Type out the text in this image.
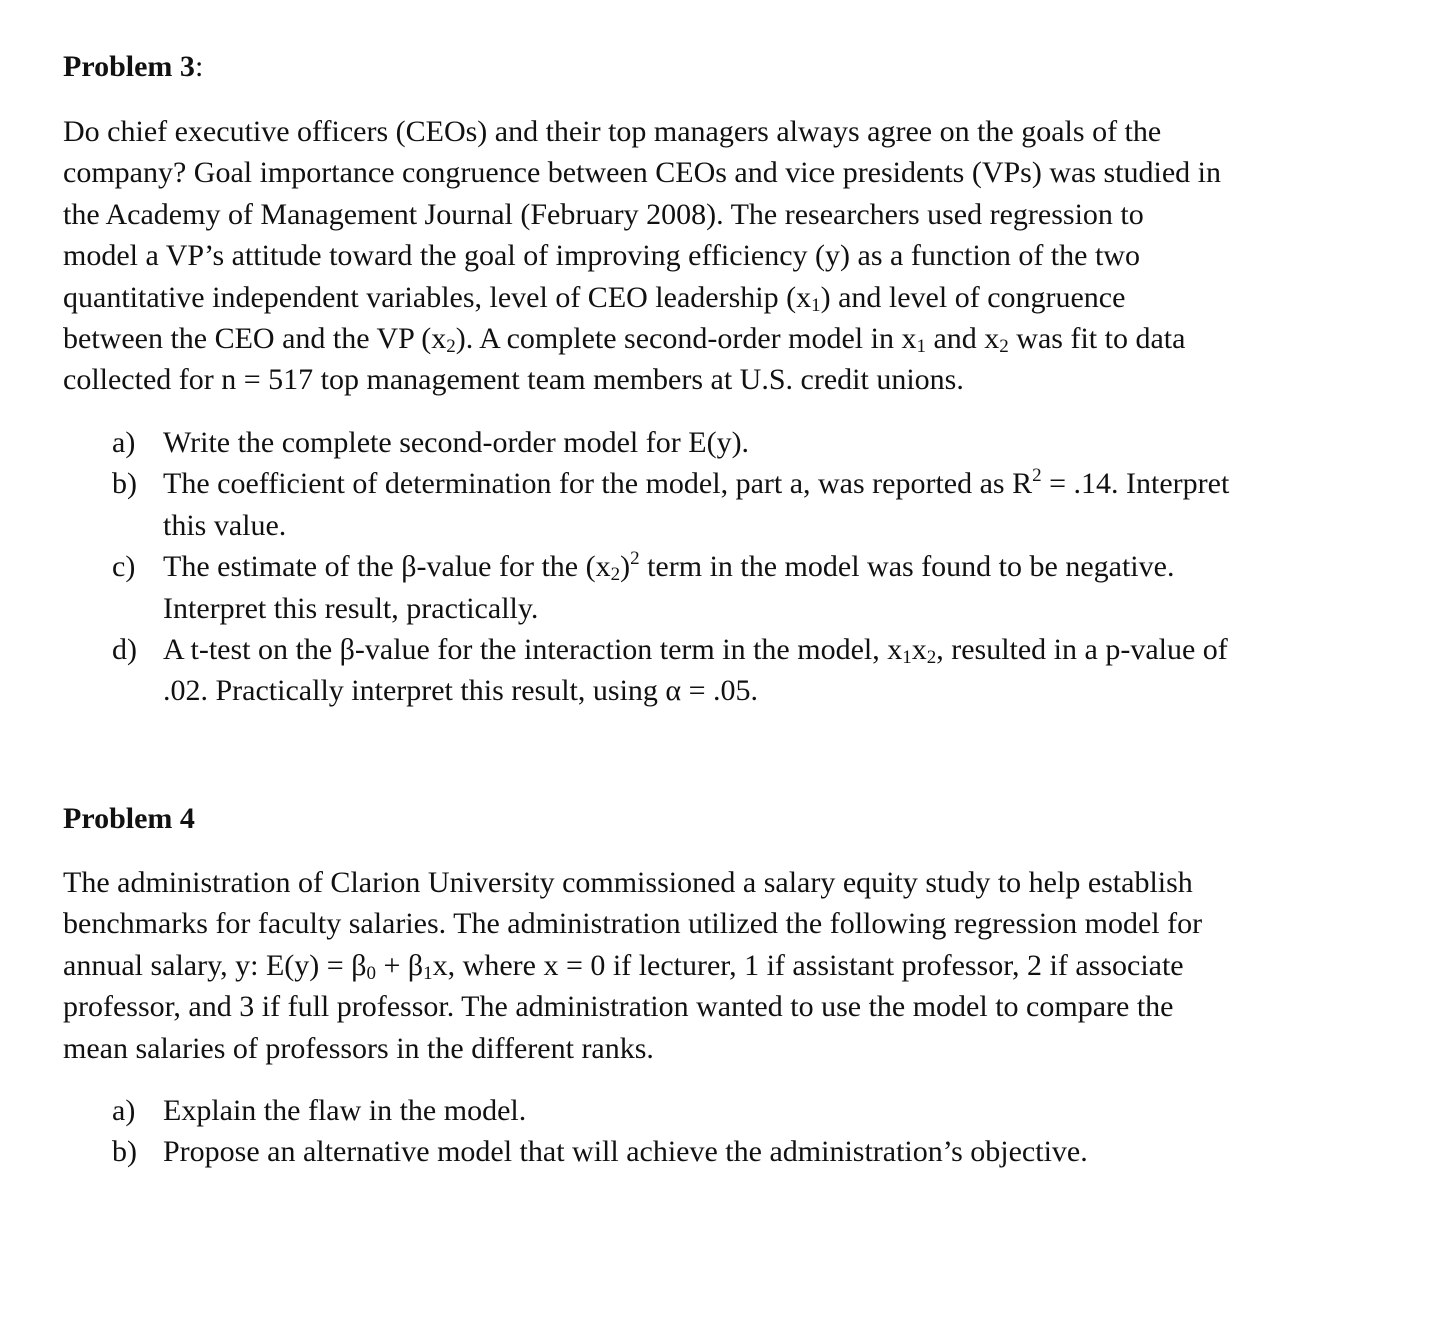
Problem 3:
Do chief executive officers (CEOs) and their top managers always agree on the goals of the
company? Goal importance congruence between CEOs and vice presidents (VPs) was studied in
the Academy of Management Journal (February 2008). The researchers used regression to
model a VP’s attitude toward the goal of improving efficiency (y) as a function of the two
quantitative independent variables, level of CEO leadership $(x_1)$ and level of congruence
between the CEO and the VP $(x_2)$. A complete second-order model in $x_1$ and $x_2$ was fit to data
collected for n = 517 top management team members at U.S. credit unions.
a) Write the complete second-order model for E(y).
b) The coefficient of determination for the model, part a, was reported as $R^2 = .14$. Interpret
this value.
c) The estimate of the β-value for the $(x_2)^2$ term in the model was found to be negative.
Interpret this result, practically.
d) A t-test on the β-value for the interaction term in the model, $x_1x_2$, resulted in a p-value of
.02. Practically interpret this result, using α = .05.
Problem 4
The administration of Clarion University commissioned a salary equity study to help establish
benchmarks for faculty salaries. The administration utilized the following regression model for
annual salary, y: $E(y) = \beta_0 + \beta_1x$, where x = 0 if lecturer, 1 if assistant professor, 2 if associate
professor, and 3 if full professor. The administration wanted to use the model to compare the
mean salaries of professors in the different ranks.
a) Explain the flaw in the model.
b) Propose an alternative model that will achieve the administration’s objective.
